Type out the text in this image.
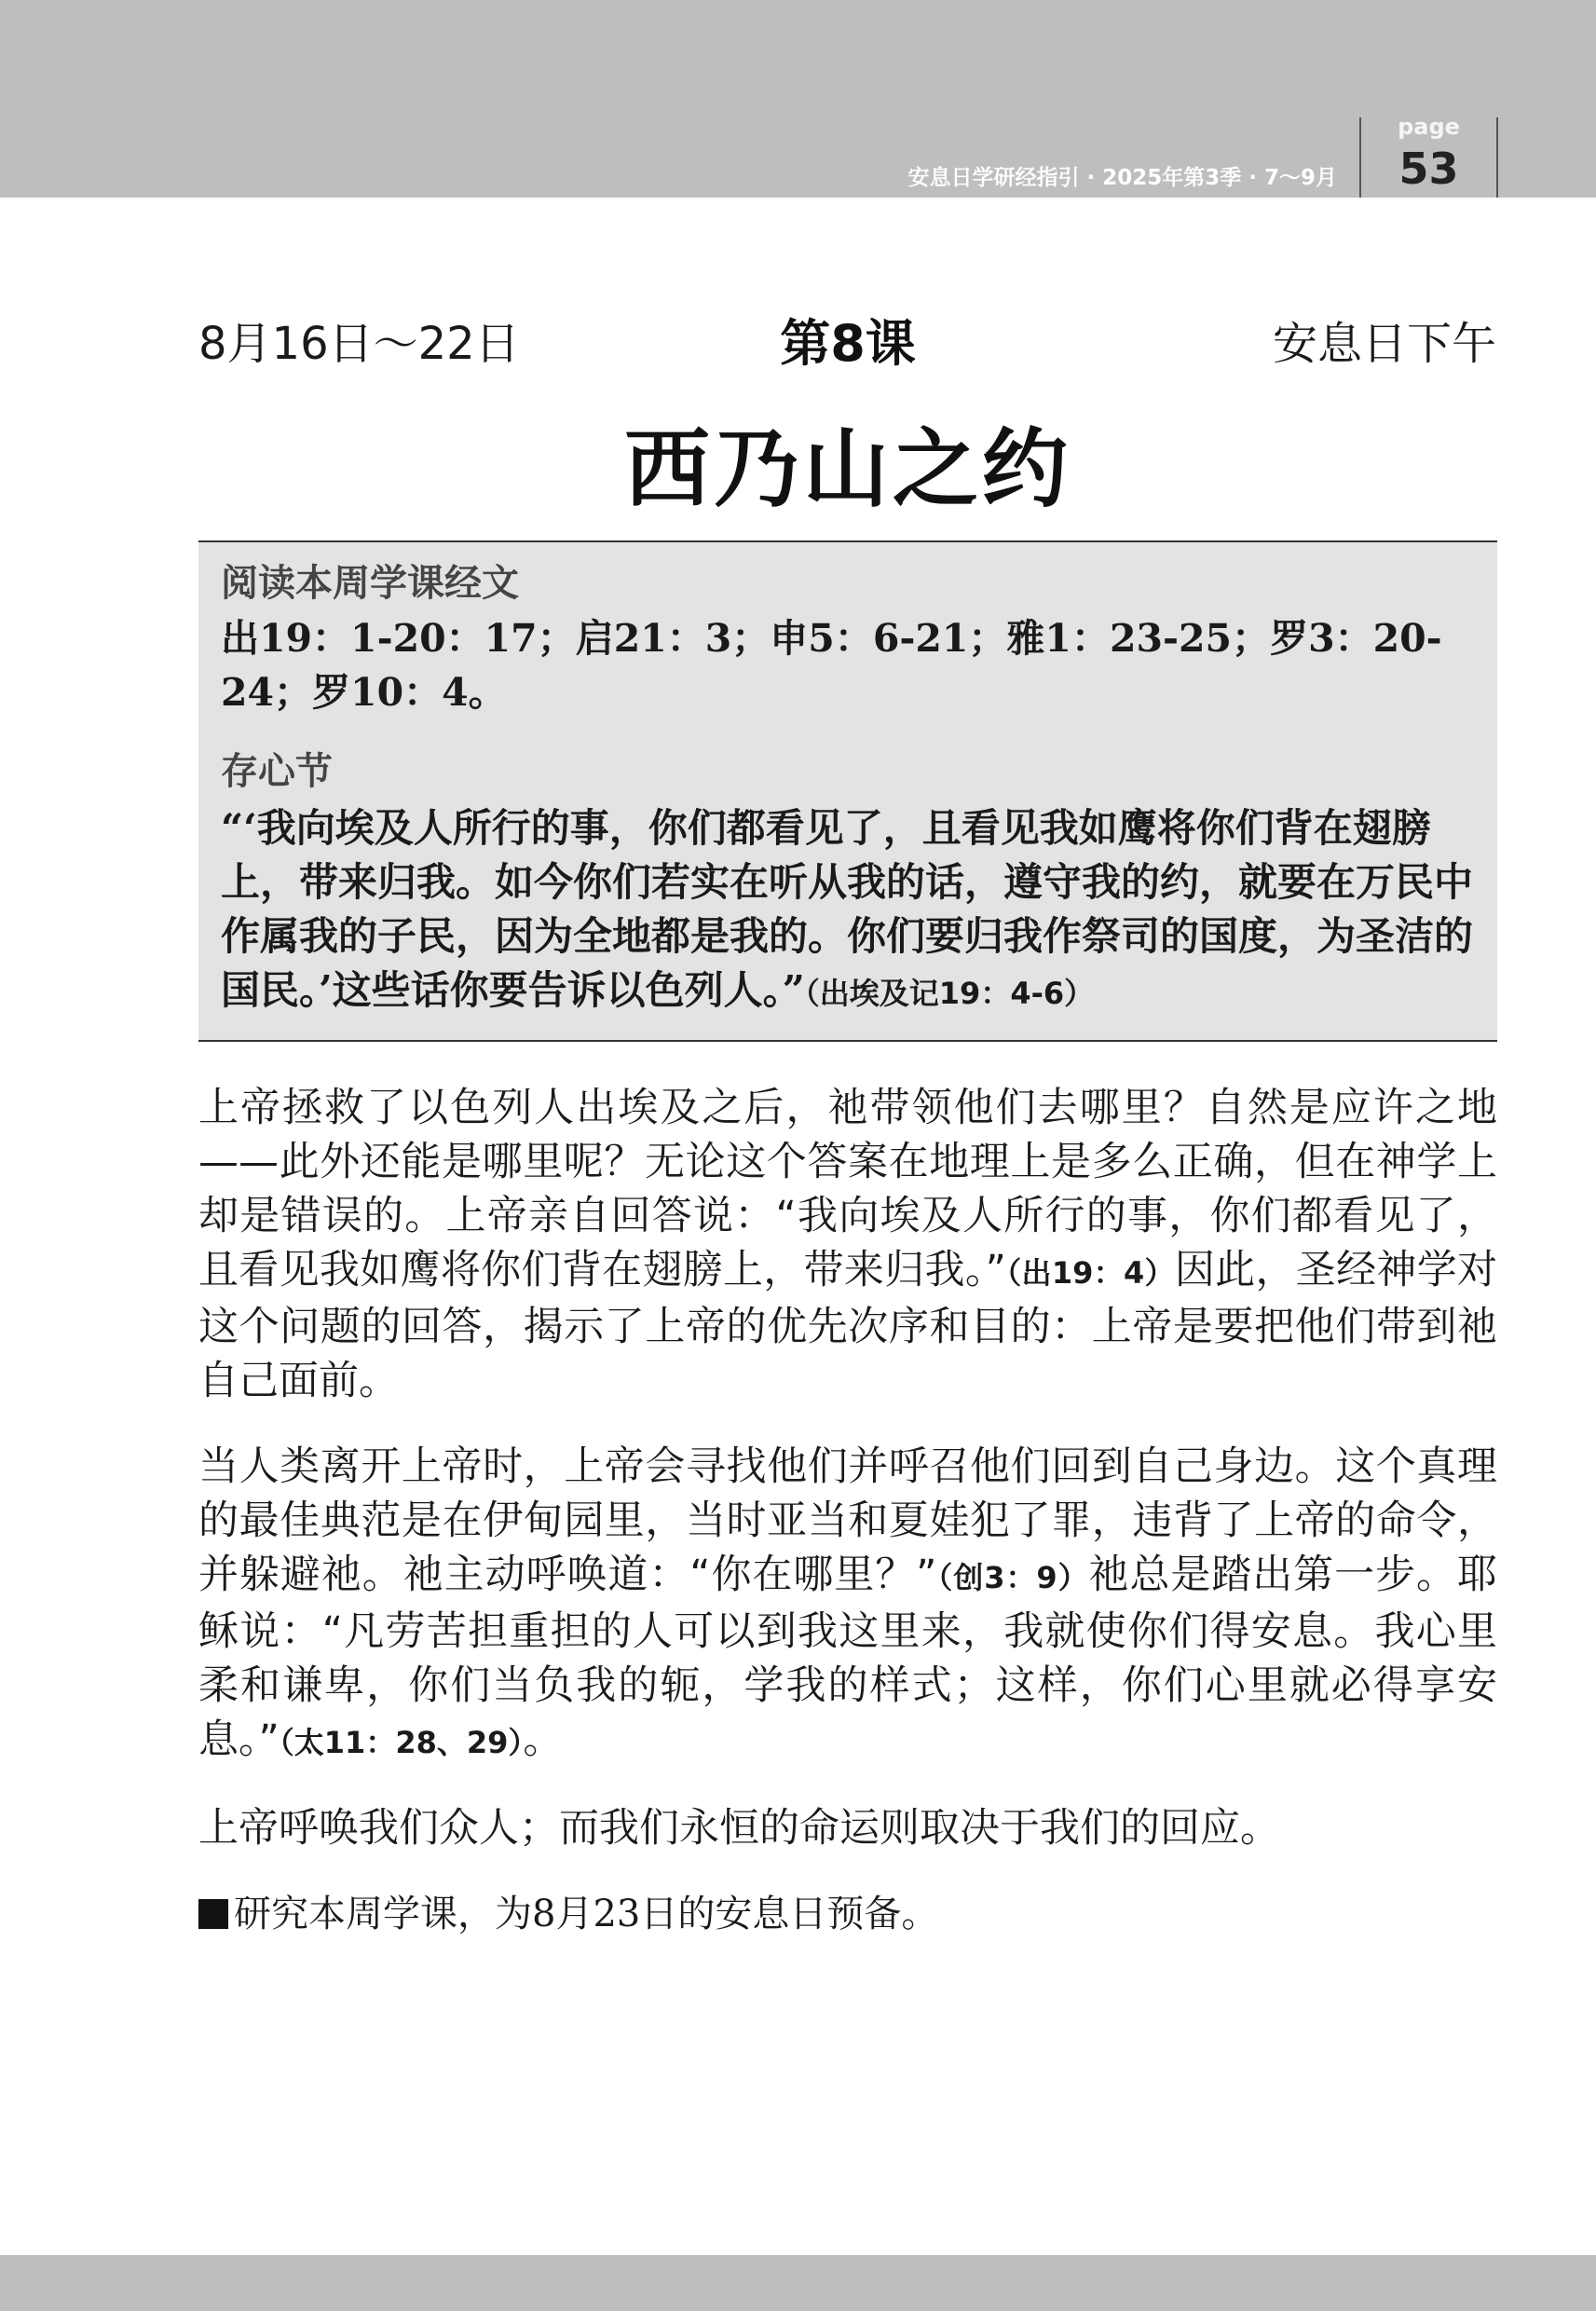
安息日学研经指引 · 2025年第3季 · 7～9月
page
53
8月16日～22日	第8课	安息日下午
西乃山之约

阅读本周学课经文

出19：1-20：17；启21：3；申5：6-21；雅1：23-25；罗3：20-24；罗10：4。

存心节

“‘我向埃及人所行的事，你们都看见了，且看见我如鹰将你们背在翅膀上，带来归我。如今你们若实在听从我的话，遵守我的约，就要在万民中作属我的子民，因为全地都是我的。你们要归我作祭司的国度，为圣洁的国民。’这些话你要告诉以色列人。”（出埃及记19：4-6）

上帝拯救了以色列人出埃及之后，祂带领他们去哪里？自然是应许之地——此外还能是哪里呢？无论这个答案在地理上是多么正确，但在神学上却是错误的。上帝亲自回答说：“我向埃及人所行的事，你们都看见了，且看见我如鹰将你们背在翅膀上，带来归我。”（出19：4）因此，圣经神学对这个问题的回答，揭示了上帝的优先次序和目的：上帝是要把他们带到祂自己面前。

当人类离开上帝时，上帝会寻找他们并呼召他们回到自己身边。这个真理的最佳典范是在伊甸园里，当时亚当和夏娃犯了罪，违背了上帝的命令，并躲避祂。祂主动呼唤道：“你在哪里？”（创3：9）祂总是踏出第一步。耶稣说：“凡劳苦担重担的人可以到我这里来，我就使你们得安息。我心里柔和谦卑，你们当负我的轭，学我的样式；这样，你们心里就必得享安息。”（太11：28、29）。

上帝呼唤我们众人；而我们永恒的命运则取决于我们的回应。

研究本周学课，为8月23日的安息日预备。
